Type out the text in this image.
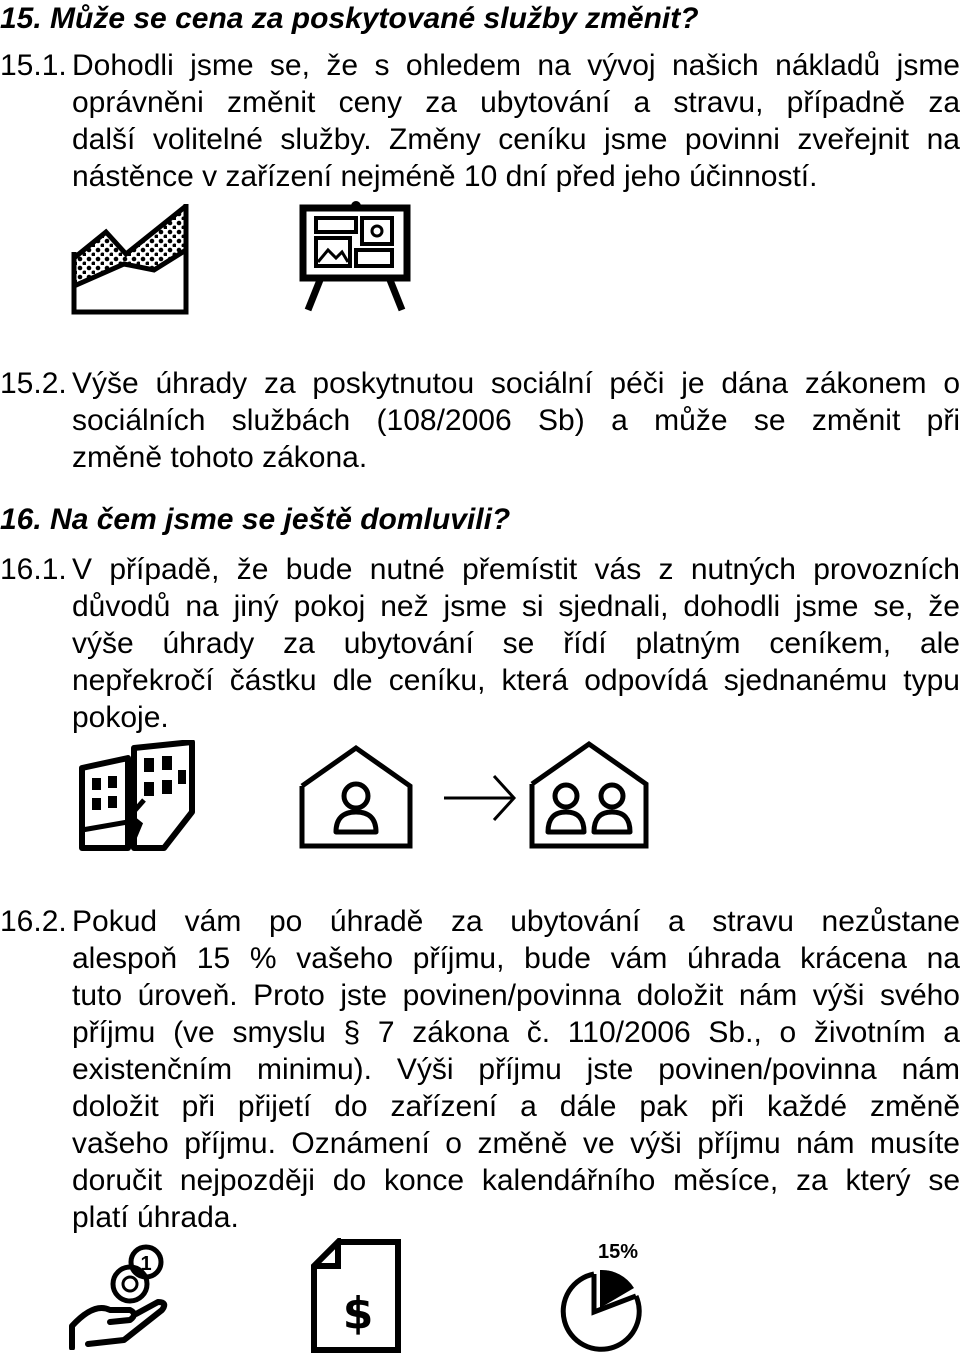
15. Může se cena za poskytované služby změnit?
15.1. Dohodli jsme se, že s ohledem na vývoj našich nákladů jsme
oprávněni změnit ceny za ubytování a stravu, případně za
další volitelné služby. Změny ceníku jsme povinni zveřejnit na
nástěnce v zařízení nejméně 10 dní před jeho účinností.
15.2. Výše úhrady za poskytnutou sociální péči je dána zákonem o
sociálních službách (108/2006 Sb) a může se změnit při
změně tohoto zákona.
16. Na čem jsme se ještě domluvili?
16.1. V případě, že bude nutné přemístit vás z nutných provozních
důvodů na jiný pokoj než jsme si sjednali, dohodli jsme se, že
výše úhrady za ubytování se řídí platným ceníkem, ale
nepřekročí částku dle ceníku, která odpovídá sjednanému typu
pokoje.
16.2. Pokud vám po úhradě za ubytování a stravu nezůstane
alespoň 15 % vašeho příjmu, bude vám úhrada krácena na
tuto úroveň. Proto jste povinen/povinna doložit nám výši svého
příjmu (ve smyslu § 7 zákona č. 110/2006 Sb., o životním a
existenčním minimu). Výši příjmu jste povinen/povinna nám
doložit při přijetí do zařízení a dále pak při každé změně
vašeho příjmu. Oznámení o změně ve výši příjmu nám musíte
doručit nejpozději do konce kalendářního měsíce, za který se
platí úhrada.
1
$
15%
